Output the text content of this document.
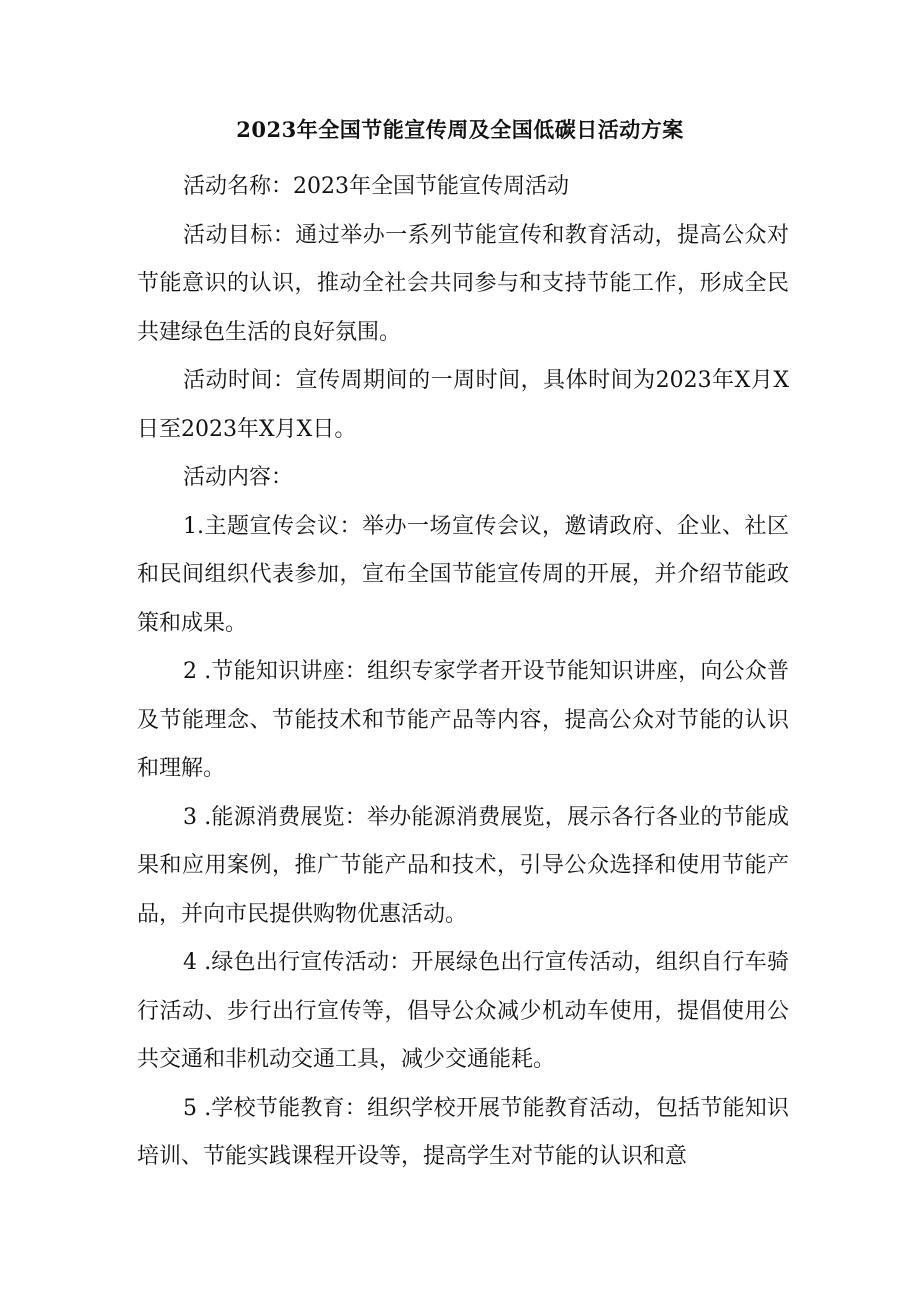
2023年全国节能宣传周及全国低碳日活动方案

活动名称：2023年全国节能宣传周活动

活动目标：通过举办一系列节能宣传和教育活动，提高公众对节能意识的认识，推动全社会共同参与和支持节能工作，形成全民共建绿色生活的良好氛围。

活动时间：宣传周期间的一周时间，具体时间为2023年X月X日至2023年X月X日。

活动内容：

1.主题宣传会议：举办一场宣传会议，邀请政府、企业、社区和民间组织代表参加，宣布全国节能宣传周的开展，并介绍节能政策和成果。

2 .节能知识讲座：组织专家学者开设节能知识讲座，向公众普及节能理念、节能技术和节能产品等内容，提高公众对节能的认识和理解。

3 .能源消费展览：举办能源消费展览，展示各行各业的节能成果和应用案例，推广节能产品和技术，引导公众选择和使用节能产品，并向市民提供购物优惠活动。

4 .绿色出行宣传活动：开展绿色出行宣传活动，组织自行车骑行活动、步行出行宣传等，倡导公众减少机动车使用，提倡使用公共交通和非机动交通工具，减少交通能耗。

5 .学校节能教育：组织学校开展节能教育活动，包括节能知识培训、节能实践课程开设等，提高学生对节能的认识和意
